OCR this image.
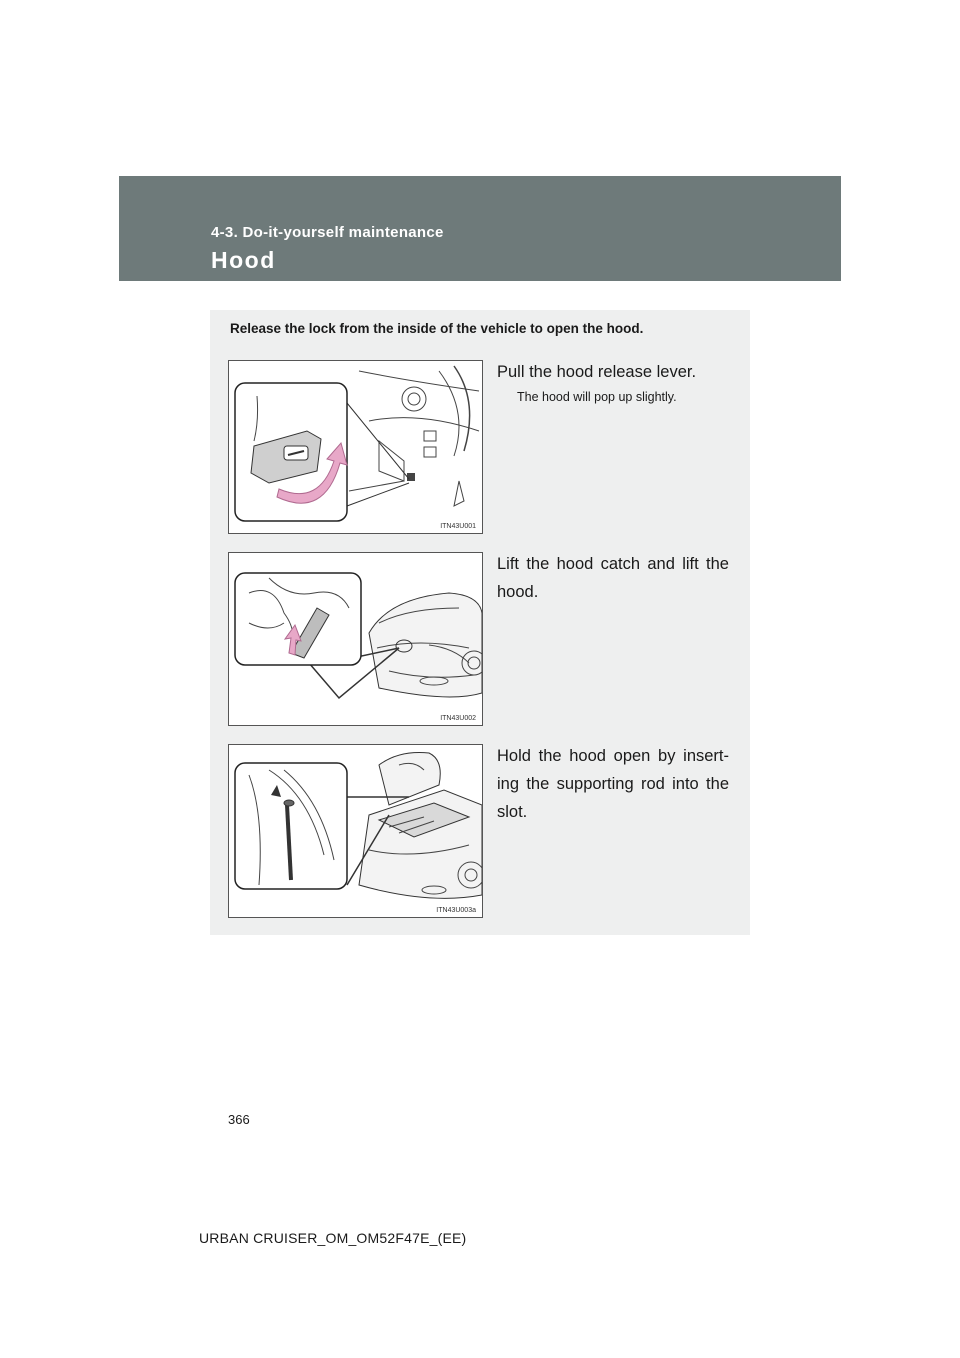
4-3. Do-it-yourself maintenance
Hood
Release the lock from the inside of the vehicle to open the hood.
ITN43U001
Pull the hood release lever.
The hood will pop up slightly.
ITN43U002
Lift the hood catch and lift the hood.
ITN43U003a
Hold the hood open by insert-ing the supporting rod into the slot.
366
URBAN CRUISER_OM_OM52F47E_(EE)
